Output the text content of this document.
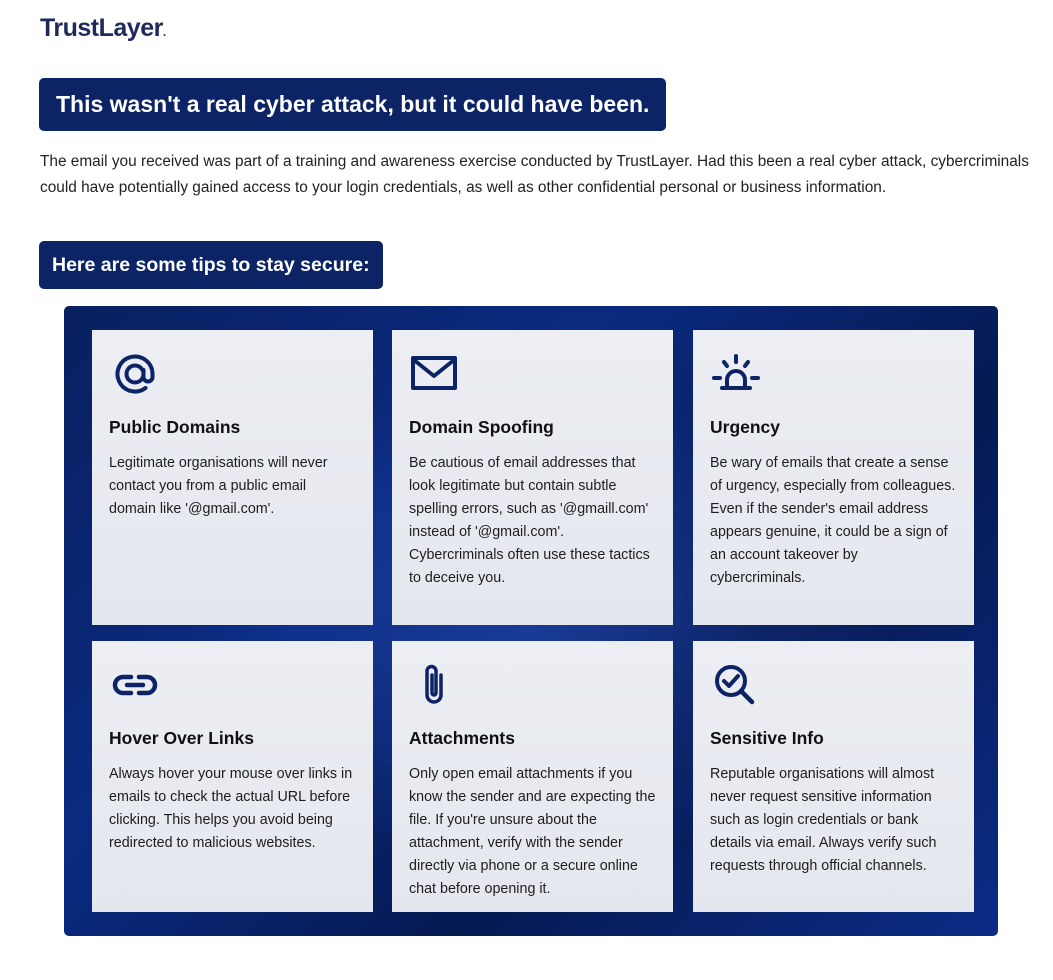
TrustLayer.
This wasn't a real cyber attack, but it could have been.
The email you received was part of a training and awareness exercise conducted by TrustLayer. Had this been a real cyber attack, cybercriminals could have potentially gained access to your login credentials, as well as other confidential personal or business information.
Here are some tips to stay secure:
Public Domains

Legitimate organisations will never contact you from a public email domain like '@gmail.com'.

Domain Spoofing

Be cautious of email addresses that look legitimate but contain subtle spelling errors, such as '@gmaill.com' instead of '@gmail.com'. Cybercriminals often use these tactics to deceive you.

Urgency

Be wary of emails that create a sense of urgency, especially from colleagues. Even if the sender's email address appears genuine, it could be a sign of an account takeover by cybercriminals.

Hover Over Links

Always hover your mouse over links in emails to check the actual URL before clicking. This helps you avoid being redirected to malicious websites.

Attachments

Only open email attachments if you know the sender and are expecting the file. If you're unsure about the attachment, verify with the sender directly via phone or a secure online chat before opening it.

Sensitive Info

Reputable organisations will almost never request sensitive information such as login credentials or bank details via email. Always verify such requests through official channels.
